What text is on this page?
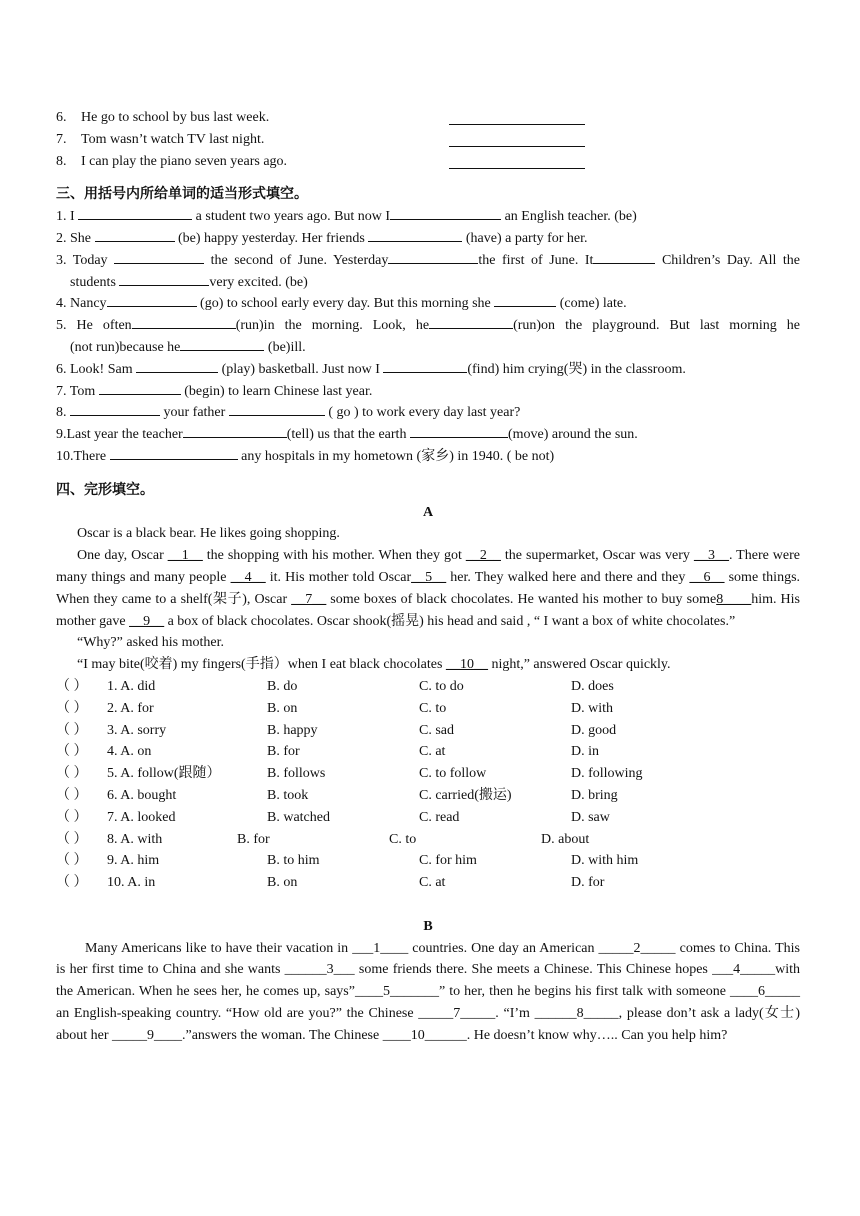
6.	He go to school by bus last week.
7.	Tom wasn’t watch TV last night.
8.	I can play the piano seven years ago.
三、用括号内所给单词的适当形式填空。
1. I	a student two years ago. But now I	an English teacher. (be)
2. She	(be) happy yesterday. Her friends	(have) a party for her.
3. Today	the second of June. Yesterday	the first of June. It	Children’s Day. All the
students	very excited. (be)
4. Nancy	(go) to school early every day. But this morning she	(come) late.
5. He often	(run)in the morning. Look, he	(run)on the playground. But last morning he
(not run)because he	(be)ill.
6. Look! Sam	(play) basketball. Just now I	(find) him crying(哭) in the classroom.
7. Tom	(begin) to learn Chinese last year.
8.	your father	( go ) to work every day last year?
9.Last year the teacher	(tell) us that the earth	(move) around the sun.
10.There	any hospitals in my hometown (家乡) in 1940. ( be not)
四、完形填空。
A
Oscar is a black bear. He likes going shopping.
One day, Oscar __1__ the shopping with his mother. When they got __2__ the supermarket, Oscar was very __3__. There were many things and many people __4__ it. His mother told Oscar__5__ her. They walked here and there and they __6__ some things. When they came to a shelf(架子), Oscar __7__ some boxes of black chocolates. He wanted his mother to buy some8____him. His mother gave __9__ a box of black chocolates. Oscar shook(摇晃) his head and said , “ I want a box of white chocolates.”
“Why?” asked his mother.
“I may bite(咬着) my fingers(手指）when I eat black chocolates __10__ night,” answered Oscar quickly.
（ ）	1. A. did	B. do	C. to do	D. does
（ ）	2. A. for	B. on	C. to	D. with
（ ）	3. A. sorry	B. happy	C. sad	D. good
（ ）	4. A. on	B. for	C. at	D. in
（ ）	5. A. follow(跟随）	B. follows	C. to follow	D. following
（ ）	6. A. bought	B. took	C. carried(搬运)	D. bring
（ ）	7. A. looked	B. watched	C. read	D. saw
（ ）	8. A. with	B. for	C. to	D. about
（ ）	9. A. him	B. to him	C. for him	D. with him
（ ）	10. A. in	B. on	C. at	D. for
B
Many Americans like to have their vacation in ___1____ countries. One day an American _____2_____ comes to China. This is her first time to China and she wants ______3___ some friends there. She meets a Chinese. This Chinese hopes ___4_____with the American. When he sees her, he comes up, says”____5_______” to her, then he begins his first talk with someone ____6_____ an English-speaking country. “How old are you?” the Chinese _____7_____. “I’m ______8_____, please don’t ask a lady(女士) about her _____9____.”answers the woman. The Chinese ____10______. He doesn’t know why….. Can you help him?
